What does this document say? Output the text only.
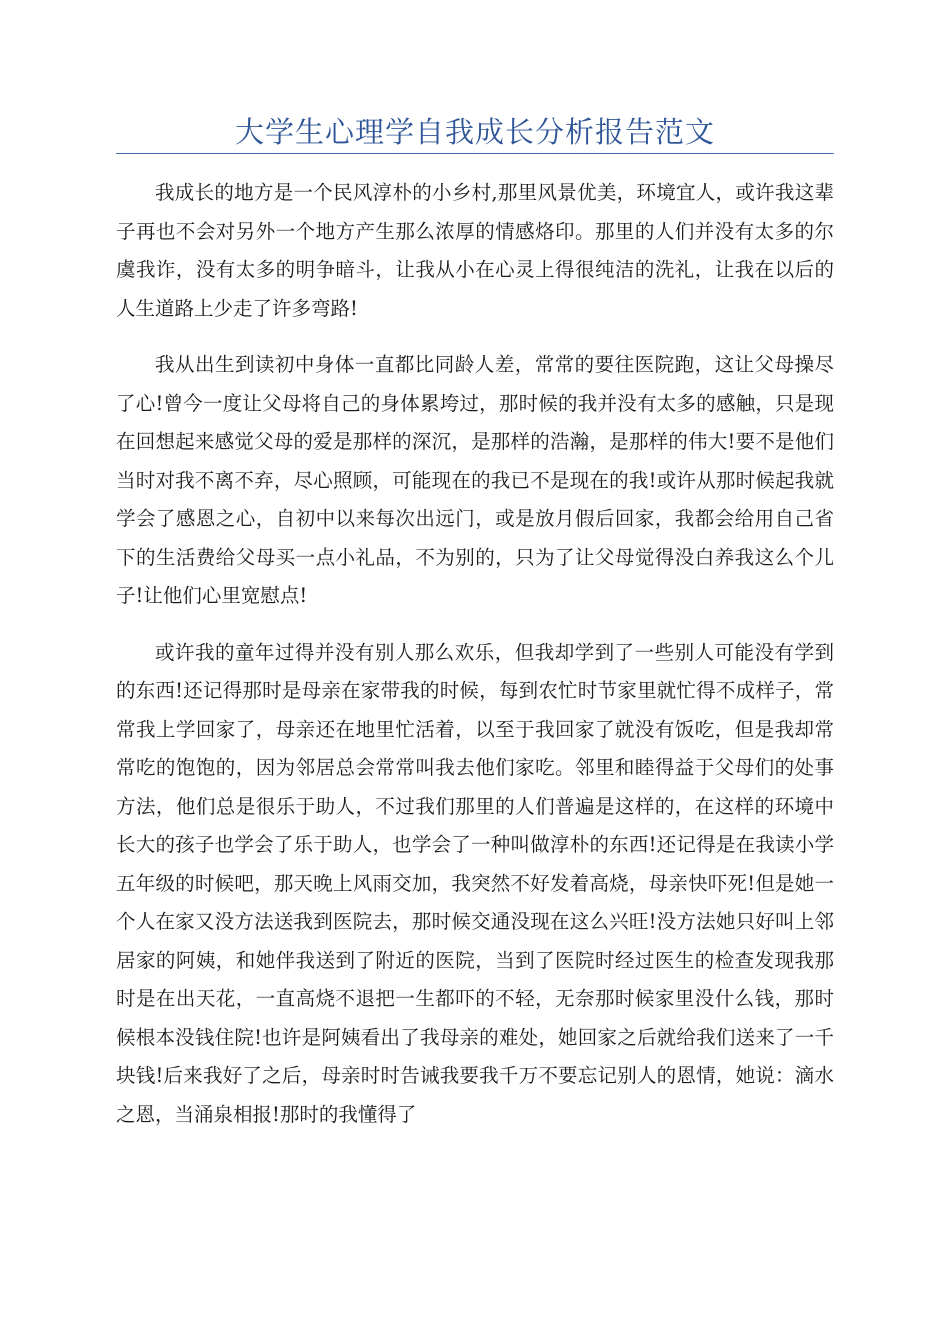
大学生心理学自我成长分析报告范文

我成长的地方是一个民风淳朴的小乡村,那里风景优美，环境宜人，或许我这辈子再也不会对另外一个地方产生那么浓厚的情感烙印。那里的人们并没有太多的尔虞我诈，没有太多的明争暗斗，让我从小在心灵上得很纯洁的洗礼，让我在以后的人生道路上少走了许多弯路!

我从出生到读初中身体一直都比同龄人差，常常的要往医院跑，这让父母操尽了心!曾今一度让父母将自己的身体累垮过，那时候的我并没有太多的感触，只是现在回想起来感觉父母的爱是那样的深沉，是那样的浩瀚，是那样的伟大!要不是他们当时对我不离不弃，尽心照顾，可能现在的我已不是现在的我!或许从那时候起我就学会了感恩之心，自初中以来每次出远门，或是放月假后回家，我都会给用自己省下的生活费给父母买一点小礼品，不为别的，只为了让父母觉得没白养我这么个儿子!让他们心里宽慰点!

或许我的童年过得并没有别人那么欢乐，但我却学到了一些别人可能没有学到的东西!还记得那时是母亲在家带我的时候，每到农忙时节家里就忙得不成样子，常常我上学回家了，母亲还在地里忙活着，以至于我回家了就没有饭吃，但是我却常常吃的饱饱的，因为邻居总会常常叫我去他们家吃。邻里和睦得益于父母们的处事方法，他们总是很乐于助人，不过我们那里的人们普遍是这样的，在这样的环境中长大的孩子也学会了乐于助人，也学会了一种叫做淳朴的东西!还记得是在我读小学五年级的时候吧，那天晚上风雨交加，我突然不好发着高烧，母亲快吓死!但是她一个人在家又没方法送我到医院去，那时候交通没现在这么兴旺!没方法她只好叫上邻居家的阿姨，和她伴我送到了附近的医院，当到了医院时经过医生的检查发现我那时是在出天花，一直高烧不退把一生都吓的不轻，无奈那时候家里没什么钱，那时候根本没钱住院!也许是阿姨看出了我母亲的难处，她回家之后就给我们送来了一千块钱!后来我好了之后，母亲时时告诫我要我千万不要忘记别人的恩情，她说：滴水之恩，当涌泉相报!那时的我懂得了
